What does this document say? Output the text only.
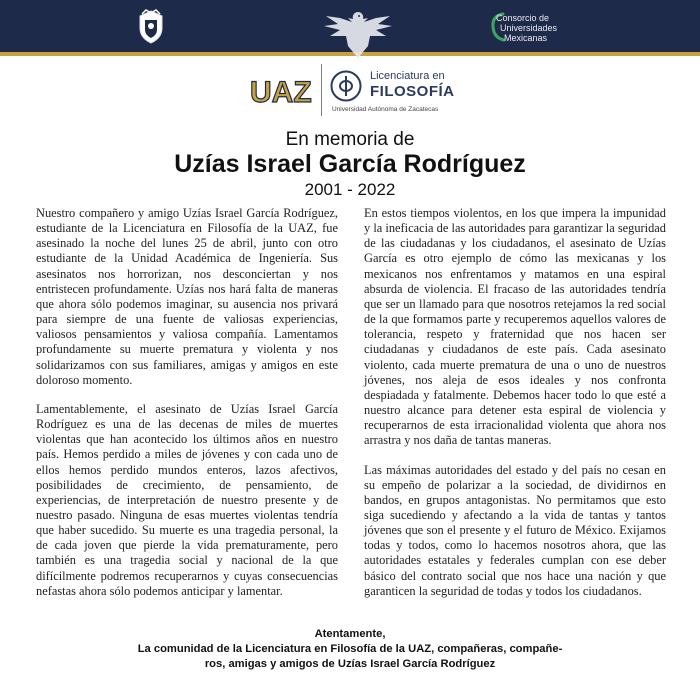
Consorcio de
Universidades
Mexicanas
UAZ	Licenciatura en
FILOSOFÍA
Universidad Autónoma de Zacatecas
En memoria de
Uzías Israel García Rodríguez
2001 - 2022

Nuestro compañero y amigo Uzías Israel García Rodríguez, estudiante de la Licenciatura en Filosofía de la UAZ, fue asesinado la noche del lunes 25 de abril, junto con otro estudiante de la Unidad Académica de Ingeniería. Sus asesinatos nos horrorizan, nos desconciertan y nos entristecen profundamente. Uzías nos hará falta de maneras que ahora sólo podemos imaginar, su ausencia nos privará para siempre de una fuente de valiosas experiencias, valiosos pensamientos y valiosa compañía. Lamentamos profundamente su muerte prematura y violenta y nos solidarizamos con sus familiares, amigas y amigos en este doloroso momento.

Lamentablemente, el asesinato de Uzías Israel García Rodríguez es una de las decenas de miles de muertes violentas que han acontecido los últimos años en nuestro país. Hemos perdido a miles de jóvenes y con cada uno de ellos hemos perdido mundos enteros, lazos afectivos, posibilidades de crecimiento, de pensamiento, de experiencias, de interpretación de nuestro presente y de nuestro pasado. Ninguna de esas muertes violentas tendría que haber sucedido. Su muerte es una tragedia personal, la de cada joven que pierde la vida prematuramente, pero también es una tragedia social y nacional de la que difícilmente podremos recuperarnos y cuyas consecuencias nefastas ahora sólo podemos anticipar y lamentar.

En estos tiempos violentos, en los que impera la impunidad y la ineficacia de las autoridades para garantizar la seguridad de las ciudadanas y los ciudadanos, el asesinato de Uzías García es otro ejemplo de cómo las mexicanas y los mexicanos nos enfrentamos y matamos en una espiral absurda de violencia. El fracaso de las autoridades tendría que ser un llamado para que nosotros retejamos la red social de la que formamos parte y recuperemos aquellos valores de tolerancia, respeto y fraternidad que nos hacen ser ciudadanas y ciudadanos de este país. Cada asesinato violento, cada muerte prematura de una o uno de nuestros jóvenes, nos aleja de esos ideales y nos confronta despiadada y fatalmente. Debemos hacer todo lo que esté a nuestro alcance para detener esta espiral de violencia y recuperarnos de esta irracionalidad violenta que ahora nos arrastra y nos daña de tantas maneras.

Las máximas autoridades del estado y del país no cesan en su empeño de polarizar a la sociedad, de dividirnos en bandos, en grupos antagonistas. No permitamos que esto siga sucediendo y afectando a la vida de tantas y tantos jóvenes que son el presente y el futuro de México. Exijamos todas y todos, como lo hacemos nosotros ahora, que las autoridades estatales y federales cumplan con ese deber básico del contrato social que nos hace una nación y que garanticen la seguridad de todas y todos los ciudadanos.

Atentamente,
La comunidad de la Licenciatura en Filosofía de la UAZ, compañeras, compañe-
ros, amigas y amigos de Uzías Israel García Rodríguez
